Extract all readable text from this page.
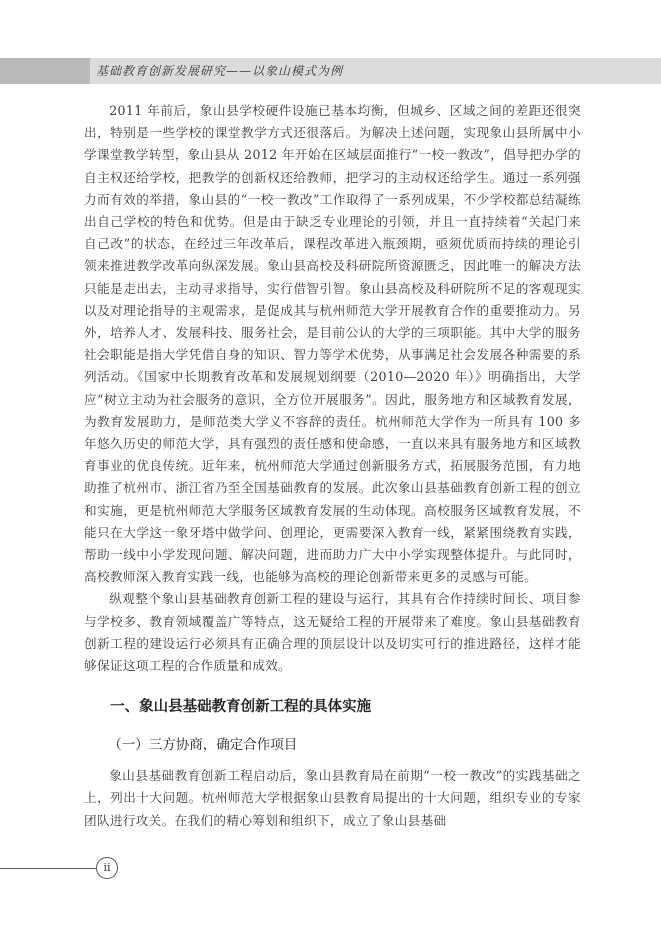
基础教育创新发展研究——以象山模式为例

2011 年前后，象山县学校硬件设施已基本均衡，但城乡、区域之间的差距还很突出，特别是一些学校的课堂教学方式还很落后。为解决上述问题，实现象山县所属中小学课堂教学转型，象山县从 2012 年开始在区域层面推行“一校一教改”，倡导把办学的自主权还给学校，把教学的创新权还给教师，把学习的主动权还给学生。通过一系列强力而有效的举措，象山县的“一校一教改”工作取得了一系列成果，不少学校都总结凝练出自己学校的特色和优势。但是由于缺乏专业理论的引领，并且一直持续着“关起门来自己改”的状态，在经过三年改革后，课程改革进入瓶颈期，亟须优质而持续的理论引领来推进教学改革向纵深发展。象山县高校及科研院所资源匮乏，因此唯一的解决方法只能是走出去，主动寻求指导，实行借智引智。象山县高校及科研院所不足的客观现实以及对理论指导的主观需求，是促成其与杭州师范大学开展教育合作的重要推动力。另外，培养人才、发展科技、服务社会，是目前公认的大学的三项职能。其中大学的服务社会职能是指大学凭借自身的知识、智力等学术优势，从事满足社会发展各种需要的系列活动。《国家中长期教育改革和发展规划纲要（2010—2020 年）》明确指出，大学应“树立主动为社会服务的意识，全方位开展服务”。因此，服务地方和区域教育发展，为教育发展助力，是师范类大学义不容辞的责任。杭州师范大学作为一所具有 100 多年悠久历史的师范大学，具有强烈的责任感和使命感，一直以来具有服务地方和区域教育事业的优良传统。近年来，杭州师范大学通过创新服务方式，拓展服务范围，有力地助推了杭州市、浙江省乃至全国基础教育的发展。此次象山县基础教育创新工程的创立和实施，更是杭州师范大学服务区域教育发展的生动体现。高校服务区域教育发展，不能只在大学这一象牙塔中做学问、创理论，更需要深入教育一线，紧紧围绕教育实践，帮助一线中小学发现问题、解决问题，进而助力广大中小学实现整体提升。与此同时，高校教师深入教育实践一线，也能够为高校的理论创新带来更多的灵感与可能。

纵观整个象山县基础教育创新工程的建设与运行，其具有合作持续时间长、项目参与学校多、教育领域覆盖广等特点，这无疑给工程的开展带来了难度。象山县基础教育创新工程的建设运行必须具有正确合理的顶层设计以及切实可行的推进路径，这样才能够保证这项工程的合作质量和成效。

一、象山县基础教育创新工程的具体实施
（一）三方协商，确定合作项目

象山县基础教育创新工程启动后，象山县教育局在前期“一校一教改”的实践基础之上，列出十大问题。杭州师范大学根据象山县教育局提出的十大问题，组织专业的专家团队进行攻关。在我们的精心筹划和组织下，成立了象山县基础

ii
